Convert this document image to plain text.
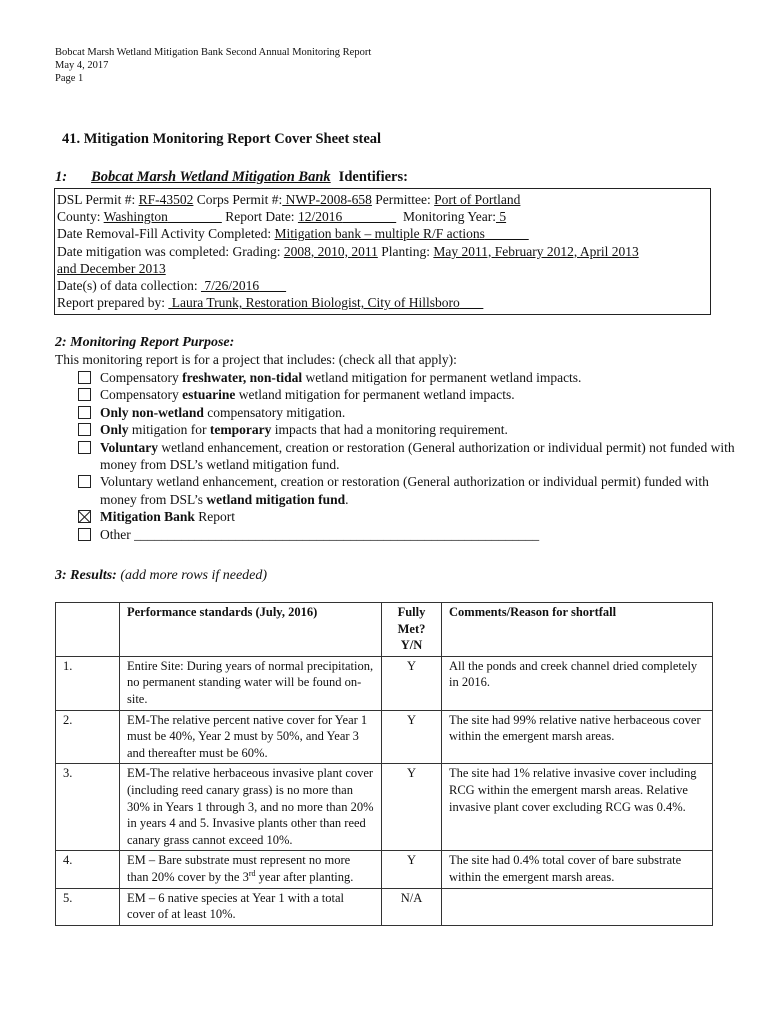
Bobcat Marsh Wetland Mitigation Bank Second Annual Monitoring Report
May 4, 2017
Page 1
41. Mitigation Monitoring Report Cover Sheet steal
1: Bobcat Marsh Wetland Mitigation Bank Identifiers:
DSL Permit #: RF-43502 Corps Permit #: NWP-2008-658 Permittee: Port of Portland
County: Washington	Report Date: 12/2016	Monitoring Year: 5
Date Removal-Fill Activity Completed: Mitigation bank – multiple R/F actions
Date mitigation was completed: Grading: 2008, 2010, 2011 Planting: May 2011, February 2012, April 2013
and December 2013
Date(s) of data collection:  7/26/2016
Report prepared by:  Laura Trunk, Restoration Biologist, City of Hillsboro
2: Monitoring Report Purpose:
This monitoring report is for a project that includes: (check all that apply):
Compensatory freshwater, non-tidal wetland mitigation for permanent wetland impacts.
Compensatory estuarine wetland mitigation for permanent wetland impacts.
Only non-wetland compensatory mitigation.
Only mitigation for temporary impacts that had a monitoring requirement.
Voluntary wetland enhancement, creation or restoration (General authorization or individual permit) not funded with money from DSL’s wetland mitigation fund.
Voluntary wetland enhancement, creation or restoration (General authorization or individual permit) funded with money from DSL’s wetland mitigation fund.
Mitigation Bank Report
Other ____________________________________________________________
3: Results: (add more rows if needed)
	Performance standards (July, 2016)	Fully Met? Y/N	Comments/Reason for shortfall
1.	Entire Site: During years of normal precipitation, no permanent standing water will be found on-site.	Y	All the ponds and creek channel dried completely in 2016.
2.	EM-The relative percent native cover for Year 1 must be 40%, Year 2 must by 50%, and Year 3 and thereafter must be 60%.	Y	The site had 99% relative native herbaceous cover within the emergent marsh areas.
3.	EM-The relative herbaceous invasive plant cover (including reed canary grass) is no more than 30% in Years 1 through 3, and no more than 20% in years 4 and 5. Invasive plants other than reed canary grass cannot exceed 10%.	Y	The site had 1% relative invasive cover including RCG within the emergent marsh areas. Relative invasive plant cover excluding RCG was 0.4%.
4.	EM – Bare substrate must represent no more than 20% cover by the 3rd year after planting.	Y	The site had 0.4% total cover of bare substrate within the emergent marsh areas.
5.	EM – 6 native species at Year 1 with a total cover of at least 10%.	N/A	
